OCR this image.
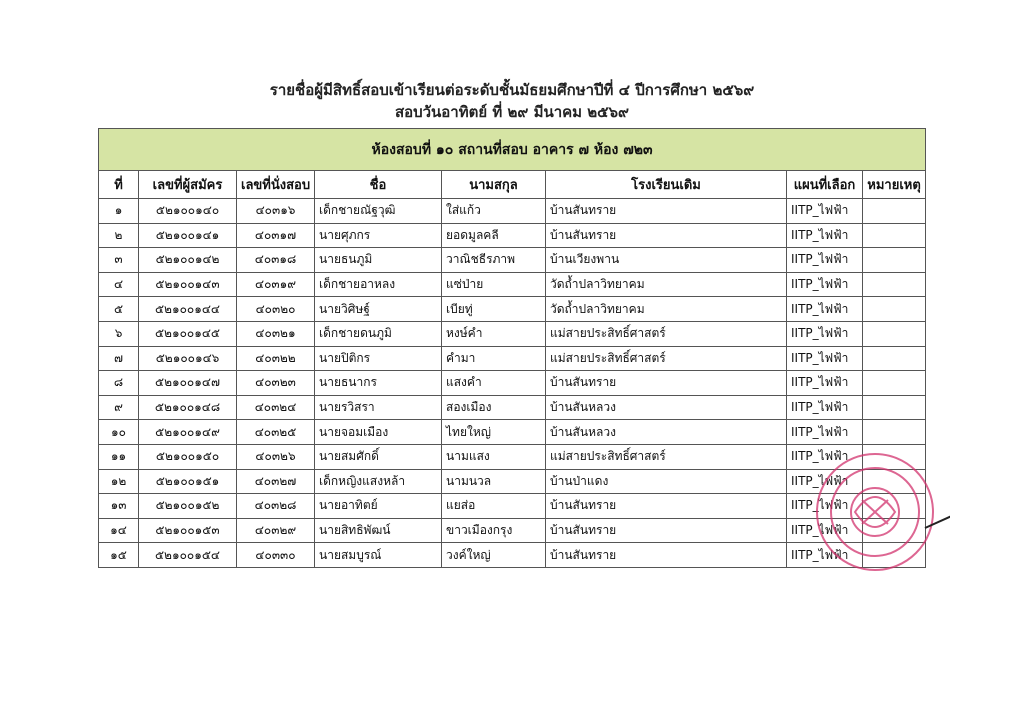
รายชื่อผู้มีสิทธิ์สอบเข้าเรียนต่อระดับชั้นมัธยมศึกษาปีที่ ๔ ปีการศึกษา ๒๕๖๙
สอบวันอาทิตย์ ที่ ๒๙ มีนาคม ๒๕๖๙
ห้องสอบที่ ๑๐ สถานที่สอบ อาคาร ๗ ห้อง ๗๒๓							
ที่	เลขที่ผู้สมัคร	เลขที่นั่งสอบ	ชื่อ	นามสกุล	โรงเรียนเดิม	แผนที่เลือก	หมายเหตุ
๑	๕๒๑๐๐๑๔๐	๔๐๓๑๖	เด็กชายณัฐวุฒิ	ใส่แก้ว	บ้านสันทราย	IITP_ไฟฟ้า	
๒	๕๒๑๐๐๑๔๑	๔๐๓๑๗	นายศุภกร	ยอดมูลคลี	บ้านสันทราย	IITP_ไฟฟ้า	
๓	๕๒๑๐๐๑๔๒	๔๐๓๑๘	นายธนภูมิ	วาณิชธีรภาพ	บ้านเวียงพาน	IITP_ไฟฟ้า	
๔	๕๒๑๐๐๑๔๓	๔๐๓๑๙	เด็กชายอาหลง	แซ่ป่าย	วัดถ้ำปลาวิทยาคม	IITP_ไฟฟ้า	
๕	๕๒๑๐๐๑๔๔	๔๐๓๒๐	นายวิศิษฐ์	เบียทู่	วัดถ้ำปลาวิทยาคม	IITP_ไฟฟ้า	
๖	๕๒๑๐๐๑๔๕	๔๐๓๒๑	เด็กชายดนภูมิ	หงษ์คำ	แม่สายประสิทธิ์ศาสตร์	IITP_ไฟฟ้า	
๗	๕๒๑๐๐๑๔๖	๔๐๓๒๒	นายปิติกร	คำมา	แม่สายประสิทธิ์ศาสตร์	IITP_ไฟฟ้า	
๘	๕๒๑๐๐๑๔๗	๔๐๓๒๓	นายธนากร	แสงคำ	บ้านสันทราย	IITP_ไฟฟ้า	
๙	๕๒๑๐๐๑๔๘	๔๐๓๒๔	นายรวิสรา	สองเมือง	บ้านสันหลวง	IITP_ไฟฟ้า	
๑๐	๕๒๑๐๐๑๔๙	๔๐๓๒๕	นายจอมเมือง	ไทยใหญ่	บ้านสันหลวง	IITP_ไฟฟ้า	
๑๑	๕๒๑๐๐๑๕๐	๔๐๓๒๖	นายสมศักดิ์	นามแสง	แม่สายประสิทธิ์ศาสตร์	IITP_ไฟฟ้า	
๑๒	๕๒๑๐๐๑๕๑	๔๐๓๒๗	เด็กหญิงแสงหล้า	นามนวล	บ้านป่าแดง	IITP_ไฟฟ้า	
๑๓	๕๒๑๐๐๑๕๒	๔๐๓๒๘	นายอาทิตย์	แยส่อ	บ้านสันทราย	IITP_ไฟฟ้า	
๑๔	๕๒๑๐๐๑๕๓	๔๐๓๒๙	นายสิทธิพัฒน์	ขาวเมืองกรุง	บ้านสันทราย	IITP_ไฟฟ้า	
๑๕	๕๒๑๐๐๑๕๔	๔๐๓๓๐	นายสมบูรณ์	วงค์ใหญ่	บ้านสันทราย	IITP_ไฟฟ้า	
